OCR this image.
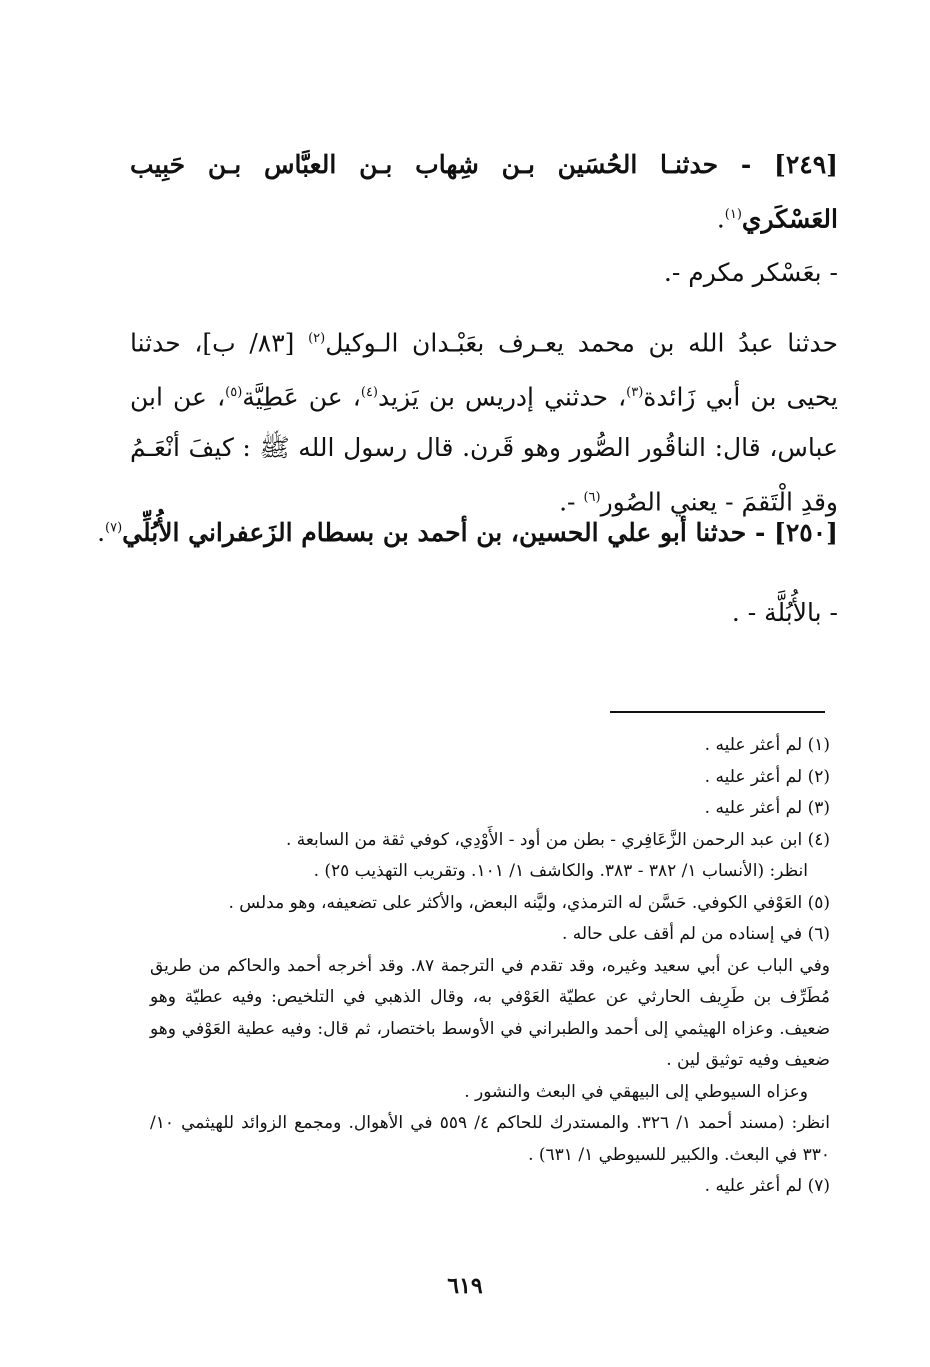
[٢٤٩] - حدثنـا الحُسَين بـن شِهاب بـن العبَّاس بـن حَبِيب العَسْكَري$^{(١)}$.
- بعَسْكر مكرم -.
حدثنا عبدُ الله بن محمد يعـرف بعَبْـدان الـوكيل$^{(٢)}$ [٨٣/ ب]، حدثنا يحيى بن أبي زَائدة$^{(٣)}$، حدثني إدريس بن يَزيد$^{(٤)}$، عن عَطِيَّة$^{(٥)}$، عن ابن عباس، قال: الناقُور الصُّور وهو قَرن. قال رسول الله ﷺ : كيفَ أنْعَـمُ وقدِ الْتَقمَ - يعني الصُور$^{(٦)}$ -.
[٢٥٠] - حدثنا أبو علي الحسين، بن أحمد بن بسطام الزَعفراني الأُبُلِّي$^{(٧)}$.
- بالأُبُلَّة - .
(١) لم أعثر عليه .
(٢) لم أعثر عليه .
(٣) لم أعثر عليه .
(٤) ابن عبد الرحمن الزَّعَافِري - بطن من أود - الأَوْدِي، كوفي ثقة من السابعة .
انظر: (الأنساب ١/ ٣٨٢ - ٣٨٣. والكاشف ١/ ١٠١. وتقريب التهذيب ٢٥) .
(٥) العَوْفي الكوفي. حَسَّن له الترمذي، وليَّنه البعض، والأكثر على تضعيفه، وهو مدلس .
(٦) في إسناده من لم أقف على حاله .
وفي الباب عن أبي سعيد وغيره، وقد تقدم في الترجمة ٨٧. وقد أخرجه أحمد والحاكم من طريق مُطَرِّف بن طَرِيف الحارثي عن عطيّة العَوْفي به، وقال الذهبي في التلخيص: وفيه عطيّة وهو ضعيف. وعزاه الهيثمي إلى أحمد والطبراني في الأوسط باختصار، ثم قال: وفيه عطية العَوْفي وهو ضعيف وفيه توثيق لين .
وعزاه السيوطي إلى البيهقي في البعث والنشور .
انظر: (مسند أحمد ١/ ٣٢٦. والمستدرك للحاكم ٤/ ٥٥٩ في الأهوال. ومجمع الزوائد للهيثمي ١٠/ ٣٣٠ في البعث. والكبير للسيوطي ١/ ٦٣١) .
(٧) لم أعثر عليه .
٦١٩
